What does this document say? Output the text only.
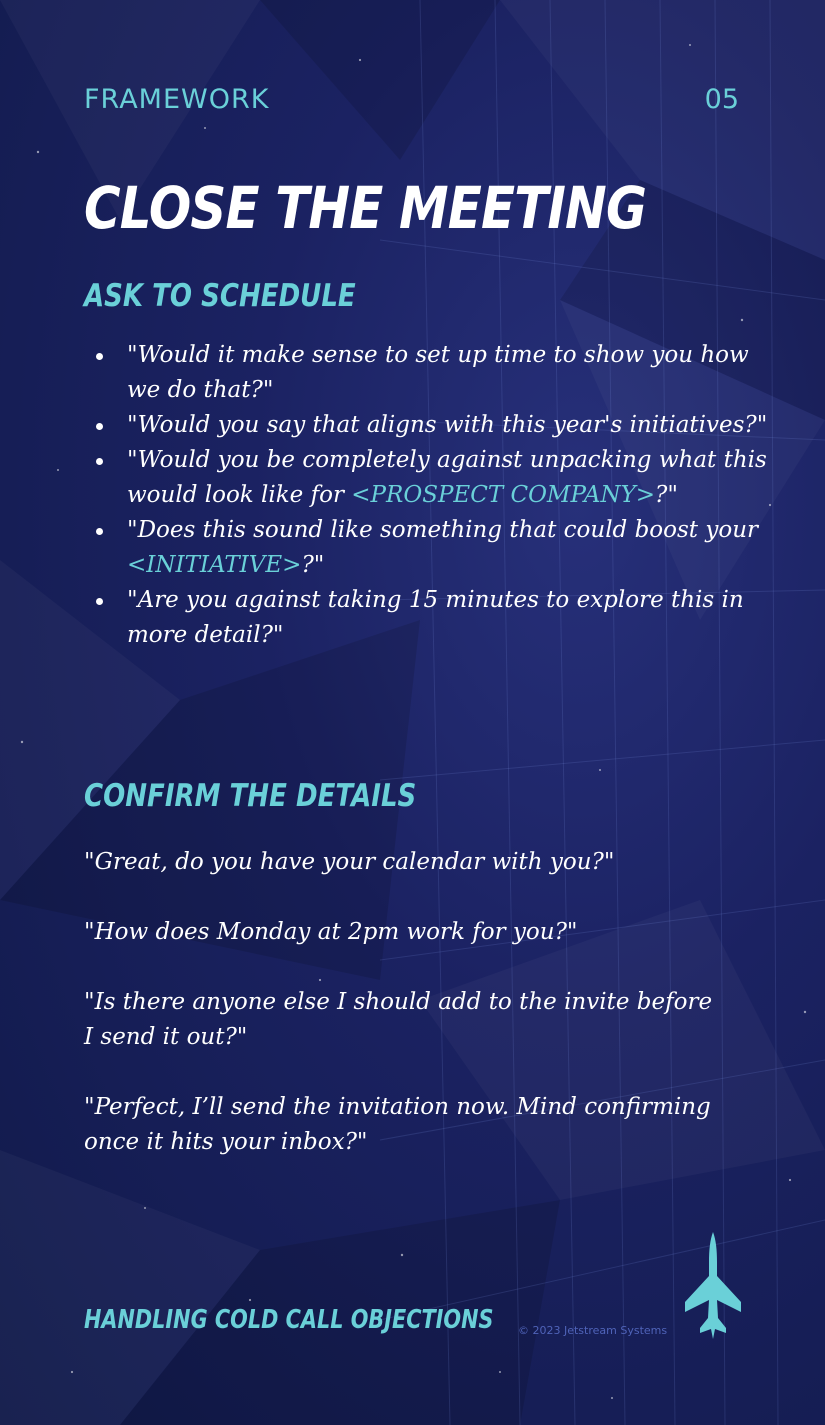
FRAMEWORK	05
CLOSE THE MEETING
ASK TO SCHEDULE
"Would it make sense to set up time to show you how we do that?"
"Would you say that aligns with this year's initiatives?"
"Would you be completely against unpacking what this would look like for <PROSPECT COMPANY>?"
"Does this sound like something that could boost your <INITIATIVE>?"
"Are you against taking 15 minutes to explore this in more detail?"
CONFIRM THE DETAILS

"Great, do you have your calendar with you?"

"How does Monday at 2pm work for you?"

"Is there anyone else I should add to the invite before I send it out?"

"Perfect, I’ll send the invitation now. Mind confirming once it hits your inbox?"

HANDLING COLD CALL OBJECTIONS © 2023 Jetstream Systems
